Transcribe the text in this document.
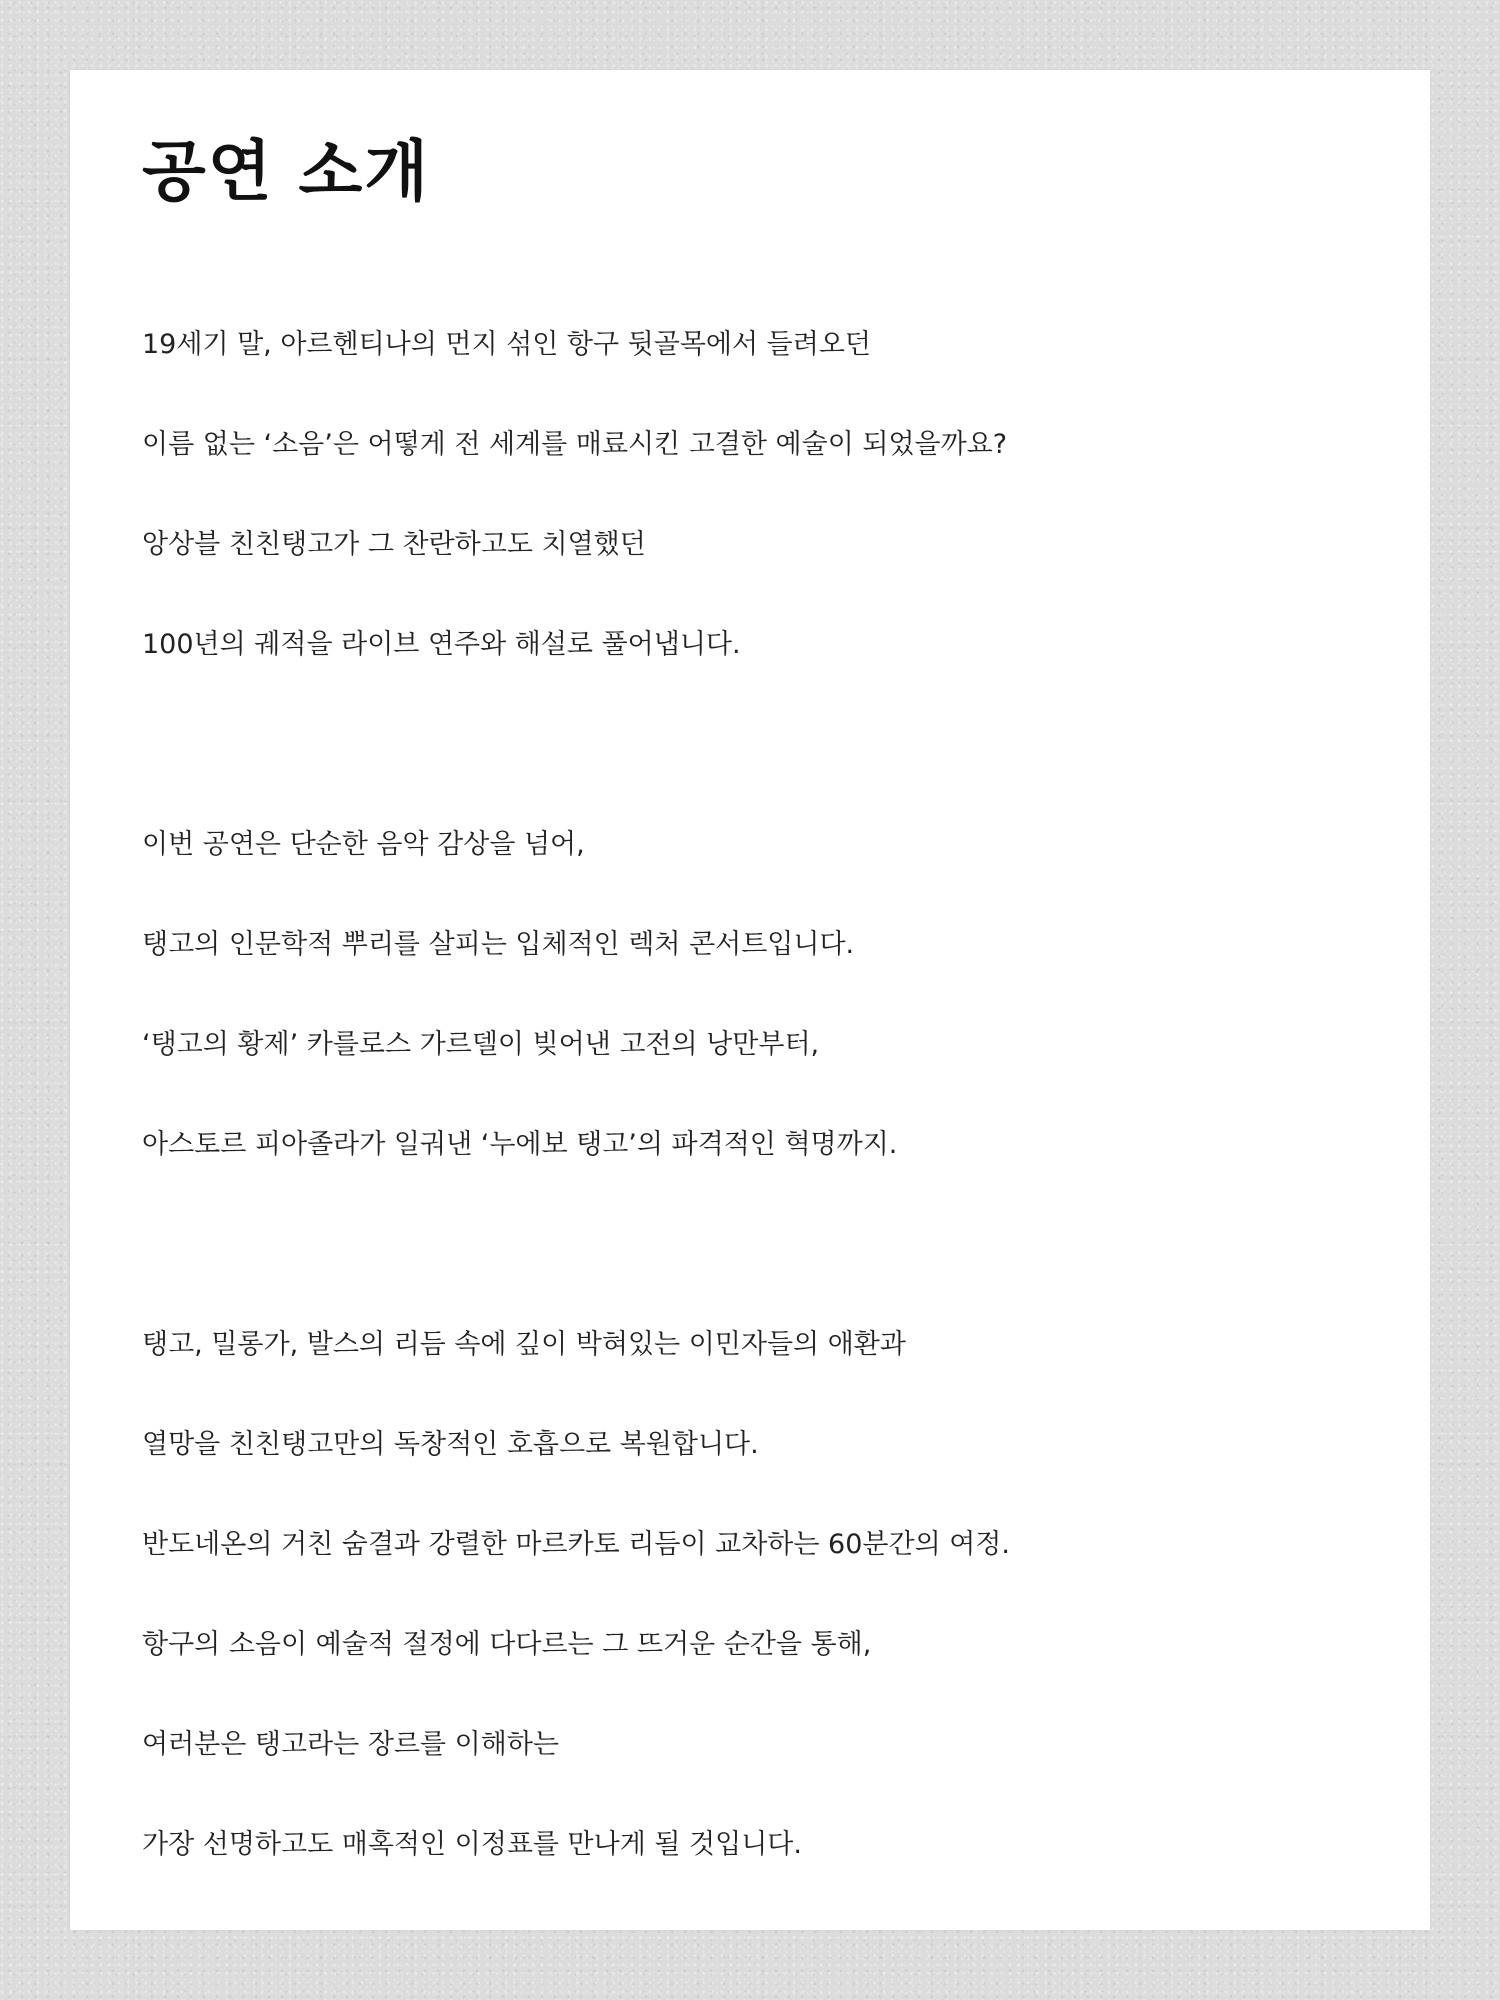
공연 소개

19세기 말, 아르헨티나의 먼지 섞인 항구 뒷골목에서 들려오던

이름 없는 ‘소음’은 어떻게 전 세계를 매료시킨 고결한 예술이 되었을까요?

앙상블 친친탱고가 그 찬란하고도 치열했던

100년의 궤적을 라이브 연주와 해설로 풀어냅니다.

이번 공연은 단순한 음악 감상을 넘어,

탱고의 인문학적 뿌리를 살피는 입체적인 렉처 콘서트입니다.

‘탱고의 황제’ 카를로스 가르델이 빚어낸 고전의 낭만부터,

아스토르 피아졸라가 일궈낸 ‘누에보 탱고’의 파격적인 혁명까지.

탱고, 밀롱가, 발스의 리듬 속에 깊이 박혀있는 이민자들의 애환과

열망을 친친탱고만의 독창적인 호흡으로 복원합니다.

반도네온의 거친 숨결과 강렬한 마르카토 리듬이 교차하는 60분간의 여정.

항구의 소음이 예술적 절정에 다다르는 그 뜨거운 순간을 통해,

여러분은 탱고라는 장르를 이해하는

가장 선명하고도 매혹적인 이정표를 만나게 될 것입니다.
